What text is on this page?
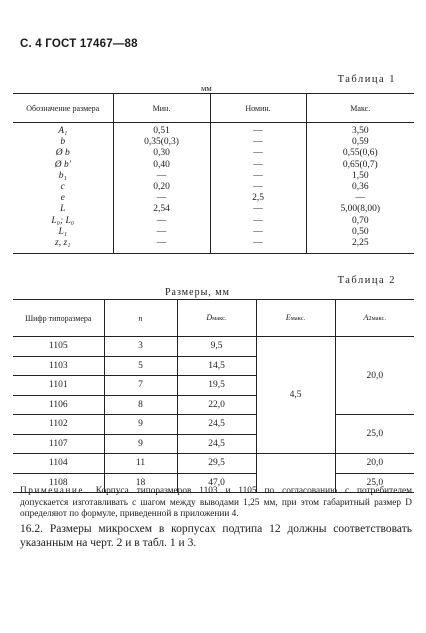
С. 4 ГОСТ 17467—88
Таблица 1
мм
Обозначение размера	Мин.	Номин.	Макс.
A₁	0,51	—	3,50
b	0,35(0,3)	—	0,59
Ø b	0,30	—	0,55(0,6)
Ø b′	0,40	—	0,65(0,7)
b₁	—	—	1,50
c	0,20	—	0,36
e	—	2,5	—
L	2,54	—	5,00(8,00)
L₀; L₀	—	—	0,70
L₁	—	—	0,50
z, z₁	—	—	2,25
Таблица 2
Размеры, мм
Шифр типоразмера	n	Dмакс.	Eмакс.	A2макс.
1105	3	9,5	4,5	20,0
1103	5	14,5		
1101	7	19,5		
1106	8	22,0		
1102	9	24,5		25,0
1107	9	24,5		
1104	11	29,5		20,0
1108	18	47,0		25,0
Примечание. Корпуса типоразмеров 1103 и 1105 по согласованию с потребителем допускается изготавливать с шагом между выводами 1,25 мм, при этом габаритный размер D определяют по формуле, приведенной в приложении 4.
16.2. Размеры микросхем в корпусах подтипа 12 должны соответствовать указанным на черт. 2 и в табл. 1 и 3.
